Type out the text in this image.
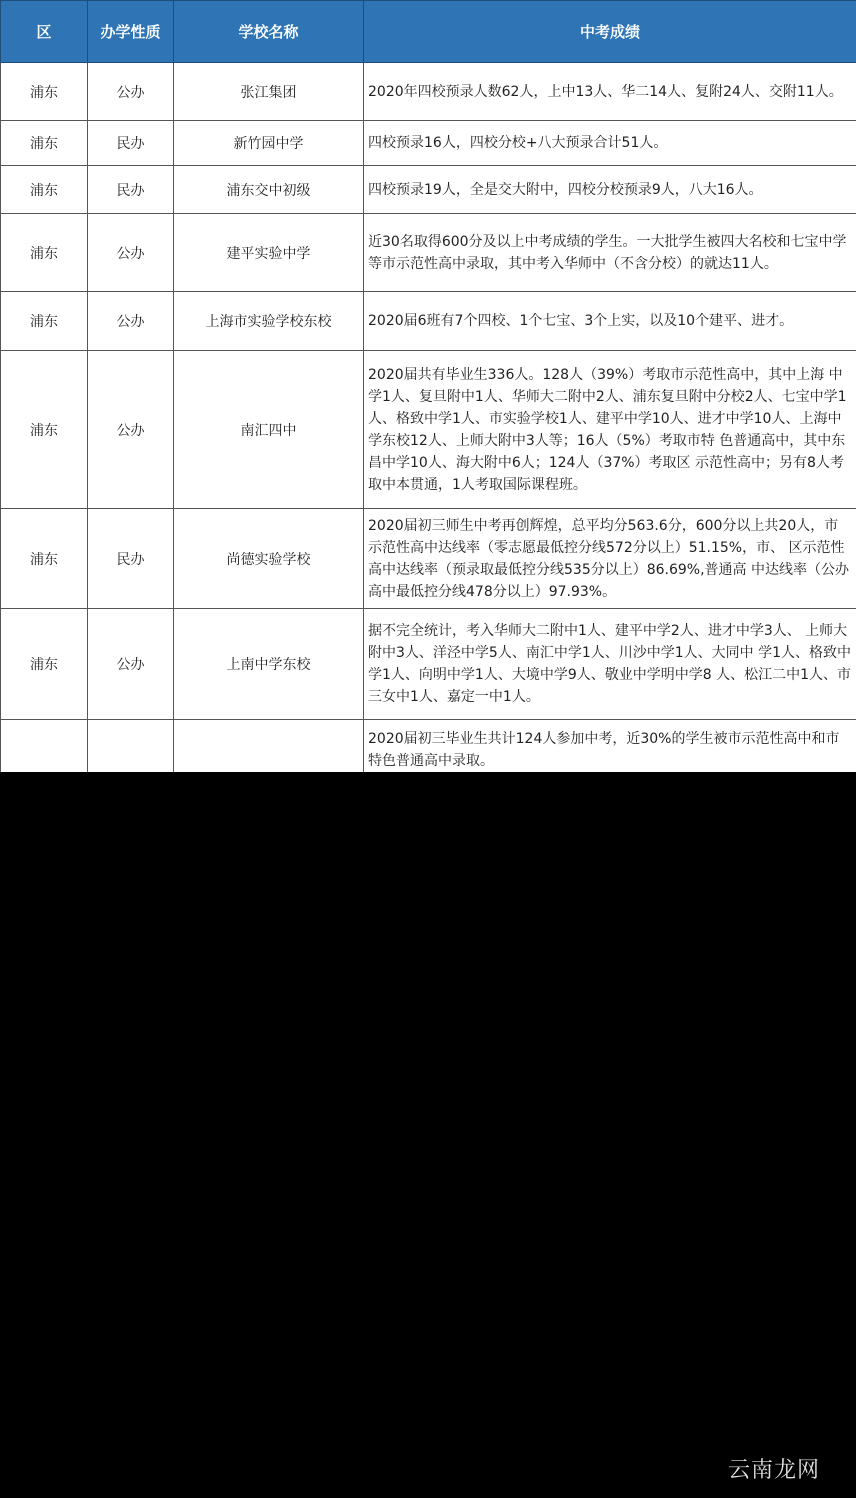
区	办学性质	学校名称	中考成绩
浦东	公办	张江集团	2020年四校预录人数62人，上中13人、华二14人、复附24人、交附11人。
浦东	民办	新竹园中学	四校预录16人，四校分校+八大预录合计51人。
浦东	民办	浦东交中初级	四校预录19人，全是交大附中，四校分校预录9人，八大16人。
浦东	公办	建平实验中学	近30名取得600分及以上中考成绩的学生。一大批学生被四大名校和七宝中学等市示范性高中录取，其中考入华师中（不含分校）的就达11人。
浦东	公办	上海市实验学校东校	2020届6班有7个四校、1个七宝、3个上实，以及10个建平、进才。
浦东	公办	南汇四中	2020届共有毕业生336人。128人（39%）考取市示范性高中，其中上海 中学1人、复旦附中1人、华师大二附中2人、浦东复旦附中分校2人、七宝中学1人、格致中学1人、市实验学校1人、建平中学10人、进才中学10人、上海中学东校12人、上师大附中3人等；16人（5%）考取市特 色普通高中，其中东昌中学10人、海大附中6人；124人（37%）考取区 示范性高中；另有8人考取中本贯通，1人考取国际课程班。
浦东	民办	尚德实验学校	2020届初三师生中考再创辉煌，总平均分563.6分，600分以上共20人，市示范性高中达线率（零志愿最低控分线572分以上）51.15%，市、 区示范性高中达线率（预录取最低控分线535分以上）86.69%,普通高 中达线率（公办高中最低控分线478分以上）97.93%。
浦东	公办	上南中学东校	据不完全统计，考入华师大二附中1人、建平中学2人、进才中学3人、 上师大附中3人、洋泾中学5人、南汇中学1人、川沙中学1人、大同中 学1人、格致中学1人、向明中学1人、大境中学9人、敬业中学明中学8 人、松江二中1人、市三女中1人、嘉定一中1人。
			2020届初三毕业生共计124人参加中考，近30%的学生被市示范性高中和市特色普通高中录取。
云南龙网
